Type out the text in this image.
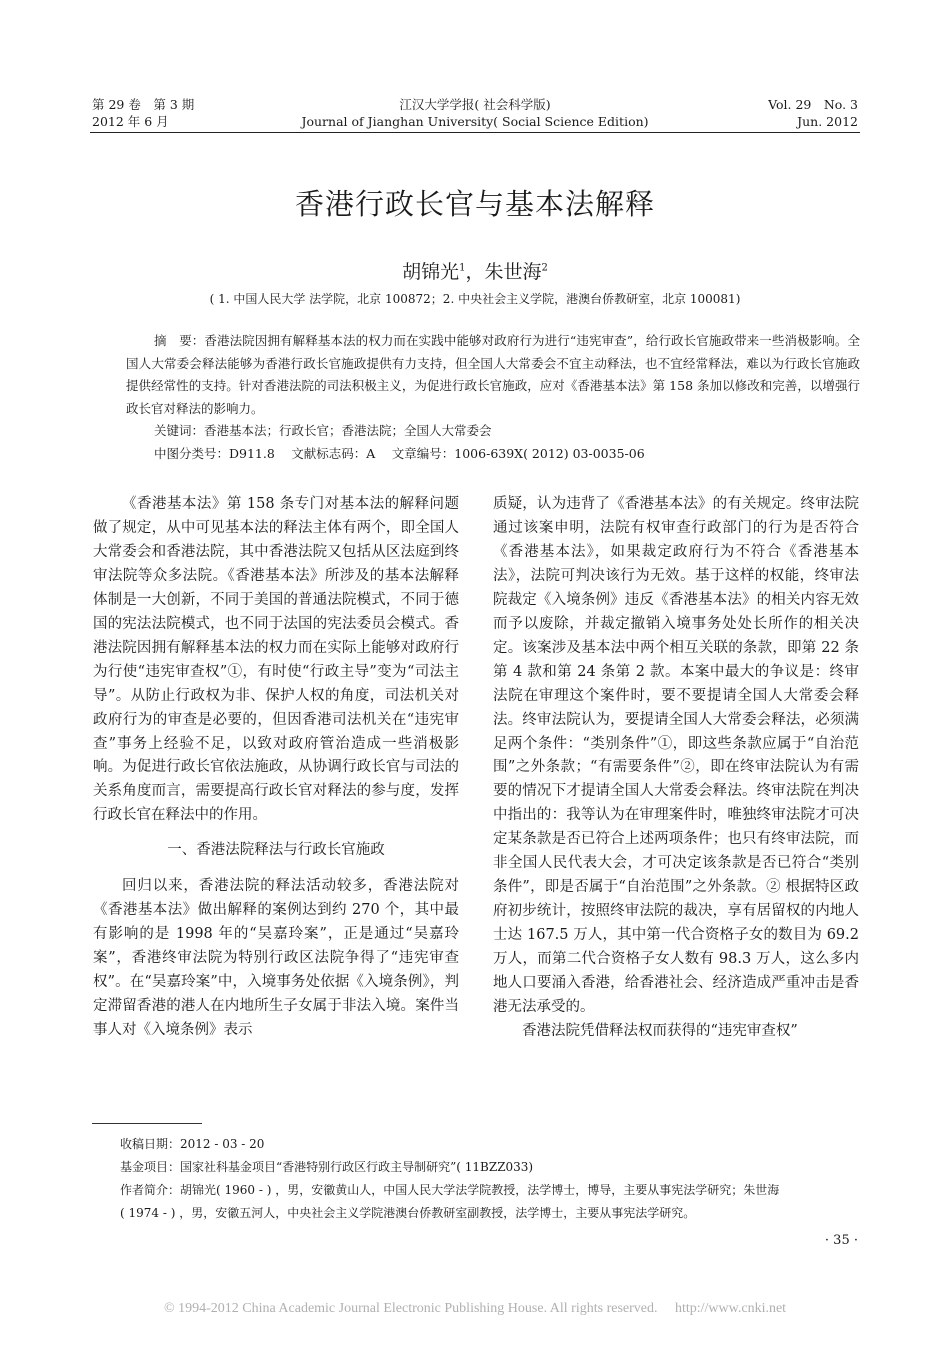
第 29 卷　第 3 期
2012 年 6 月
江汉大学学报( 社会科学版)
Journal of Jianghan University( Social Science Edition)
Vol. 29　No. 3
Jun. 2012
香港行政长官与基本法解释
胡锦光$^1$，朱世海$^2$
( 1. 中国人民大学 法学院，北京 100872；2. 中央社会主义学院，港澳台侨教研室，北京 100081)

摘　要：香港法院因拥有解释基本法的权力而在实践中能够对政府行为进行“违宪审查”，给行政长官施政带来一些消极影响。全国人大常委会释法能够为香港行政长官施政提供有力支持，但全国人大常委会不宜主动释法，也不宜经常释法，难以为行政长官施政提供经常性的支持。针对香港法院的司法积极主义，为促进行政长官施政，应对《香港基本法》第 158 条加以修改和完善，以增强行政长官对释法的影响力。

关键词：香港基本法；行政长官；香港法院；全国人大常委会

中图分类号：D911.8　 文献标志码：A　 文章编号：1006-639X( 2012) 03-0035-06

《香港基本法》第 158 条专门对基本法的解释问题做了规定，从中可见基本法的释法主体有两个，即全国人大常委会和香港法院，其中香港法院又包括从区法庭到终审法院等众多法院。《香港基本法》所涉及的基本法解释体制是一大创新，不同于美国的普通法院模式，不同于德国的宪法法院模式，也不同于法国的宪法委员会模式。香港法院因拥有解释基本法的权力而在实际上能够对政府行为行使“违宪审查权”①，有时使“行政主导”变为“司法主导”。从防止行政权为非、保护人权的角度，司法机关对政府行为的审查是必要的，但因香港司法机关在“违宪审查”事务上经验不足，以致对政府管治造成一些消极影响。为促进行政长官依法施政，从协调行政长官与司法的关系角度而言，需要提高行政长官对释法的参与度，发挥行政长官在释法中的作用。

一、香港法院释法与行政长官施政

回归以来，香港法院的释法活动较多，香港法院对《香港基本法》做出解释的案例达到约 270 个，其中最有影响的是 1998 年的“吴嘉玲案”，正是通过“吴嘉玲案”，香港终审法院为特别行政区法院争得了“违宪审查权”。在“吴嘉玲案”中，入境事务处依据《入境条例》，判定滞留香港的港人在内地所生子女属于非法入境。案件当事人对《入境条例》表示

质疑，认为违背了《香港基本法》的有关规定。终审法院通过该案申明，法院有权审查行政部门的行为是否符合《香港基本法》，如果裁定政府行为不符合《香港基本法》，法院可判决该行为无效。基于这样的权能，终审法院裁定《入境条例》违反《香港基本法》的相关内容无效而予以废除，并裁定撤销入境事务处处长所作的相关决定。该案涉及基本法中两个相互关联的条款，即第 22 条第 4 款和第 24 条第 2 款。本案中最大的争议是：终审法院在审理这个案件时，要不要提请全国人大常委会释法。终审法院认为，要提请全国人大常委会释法，必须满足两个条件：“类别条件”①，即这些条款应属于“自治范围”之外条款；“有需要条件”②，即在终审法院认为有需要的情况下才提请全国人大常委会释法。终审法院在判决中指出的：我等认为在审理案件时，唯独终审法院才可决定某条款是否已符合上述两项条件；也只有终审法院，而非全国人民代表大会，才可决定该条款是否已符合“类别条件”，即是否属于“自治范围”之外条款。② 根据特区政府初步统计，按照终审法院的裁决，享有居留权的内地人士达 167.5 万人，其中第一代合资格子女的数目为 69.2 万人，而第二代合资格子女人数有 98.3 万人，这么多内地人口要涌入香港，给香港社会、经济造成严重冲击是香港无法承受的。

香港法院凭借释法权而获得的“违宪审查权”

收稿日期：2012 - 03 - 20
基金项目：国家社科基金项目“香港特别行政区行政主导制研究”( 11BZZ033)
作者简介：胡锦光( 1960 - ) ，男，安徽黄山人，中国人民大学法学院教授，法学博士，博导，主要从事宪法学研究；朱世海
( 1974 - ) ，男，安徽五河人，中央社会主义学院港澳台侨教研室副教授，法学博士，主要从事宪法学研究。
· 35 ·
© 1994-2012 China Academic Journal Electronic Publishing House. All rights reserved.　 http://www.cnki.net
